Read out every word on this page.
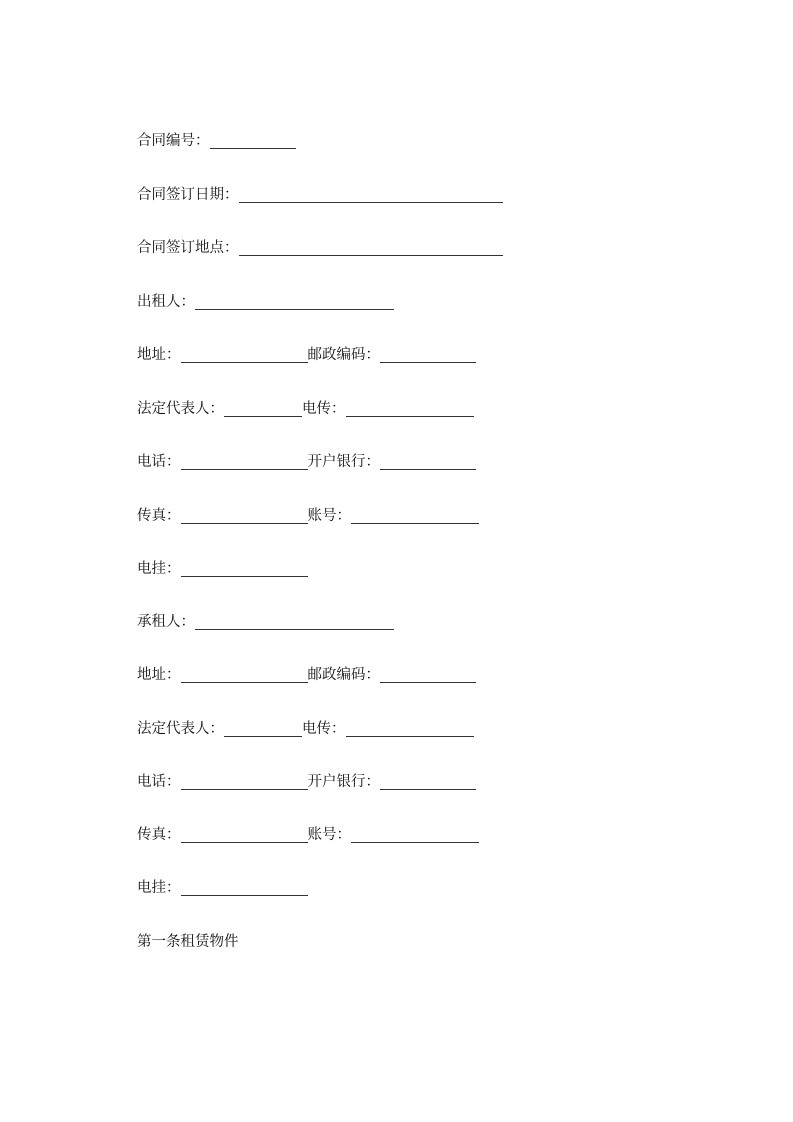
合同编号：
合同签订日期：
合同签订地点：
出租人：
地址：	邮政编码：
法定代表人：	电传：
电话：	开户银行：
传真：	账号：
电挂：
承租人：
地址：	邮政编码：
法定代表人：	电传：
电话：	开户银行：
传真：	账号：
电挂：
第一条租赁物件
